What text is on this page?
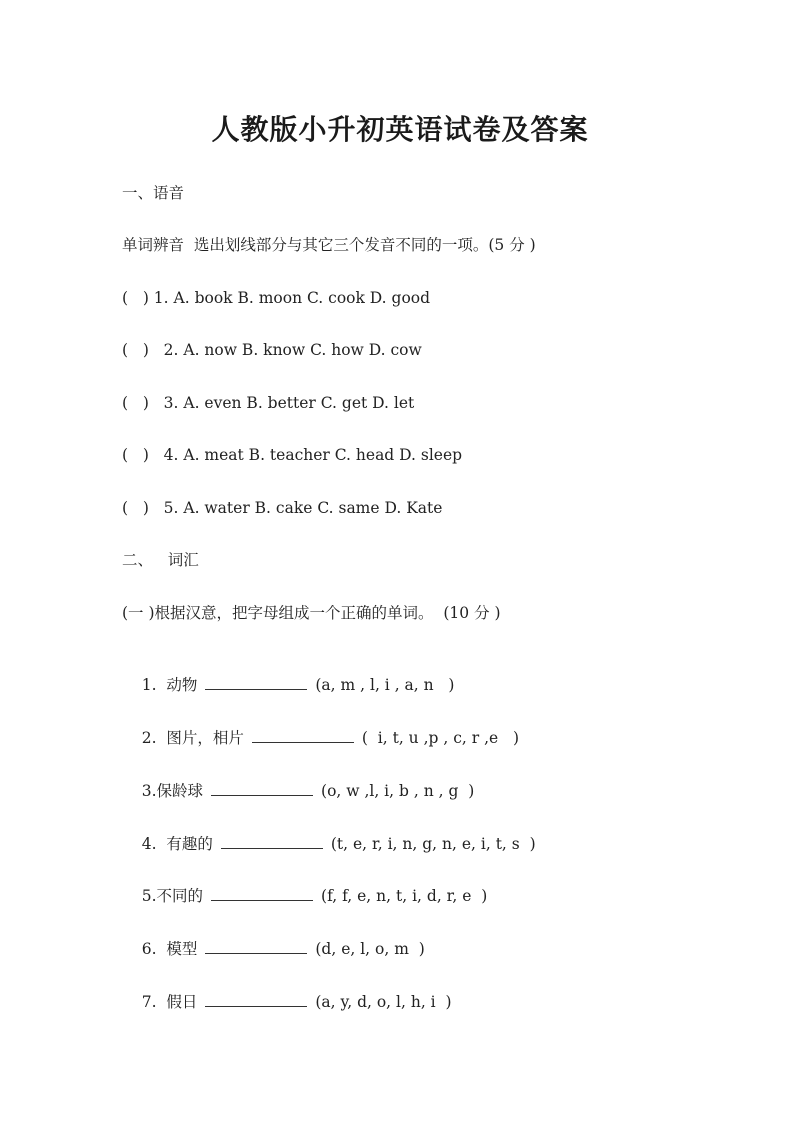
人教版小升初英语试卷及答案
一、语音
单词辨音  选出划线部分与其它三个发音不同的一项。(5 分 )
(   ) 1. A. book B. moon C. cook D. good
(   )   2. A. now B. know C. how D. cow
(   )   3. A. even B. better C. get D. let
(   )   4. A. meat B. teacher C. head D. sleep
(   )   5. A. water B. cake C. same D. Kate
二、   词汇
(一 )根据汉意，把字母组成一个正确的单词。  (10 分 )

1.  动物	(a, m , l, i , a, n   )

2.  图片，相片	(  i, t, u ,p , c, r ,e   )

3.保龄球	(o, w ,l, i, b , n , g  )

4.  有趣的	(t, e, r, i, n, g, n, e, i, t, s  )

5.不同的	(f, f, e, n, t, i, d, r, e  )

6.  模型	(d, e, l, o, m  )

7.  假日	(a, y, d, o, l, h, i  )
